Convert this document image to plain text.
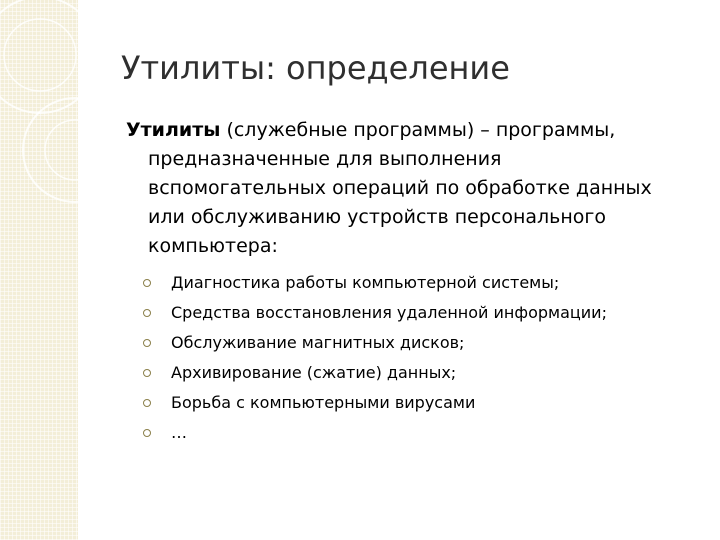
Утилиты: определение

Утилиты (служебные программы) – программы, предназначенные для выполнения вспомогательных операций по обработке данных или обслуживанию устройств персонального компьютера:

Диагностика работы компьютерной системы;
Средства восстановления удаленной информации;
Обслуживание магнитных дисков;
Архивирование (сжатие) данных;
Борьба с компьютерными вирусами
…
